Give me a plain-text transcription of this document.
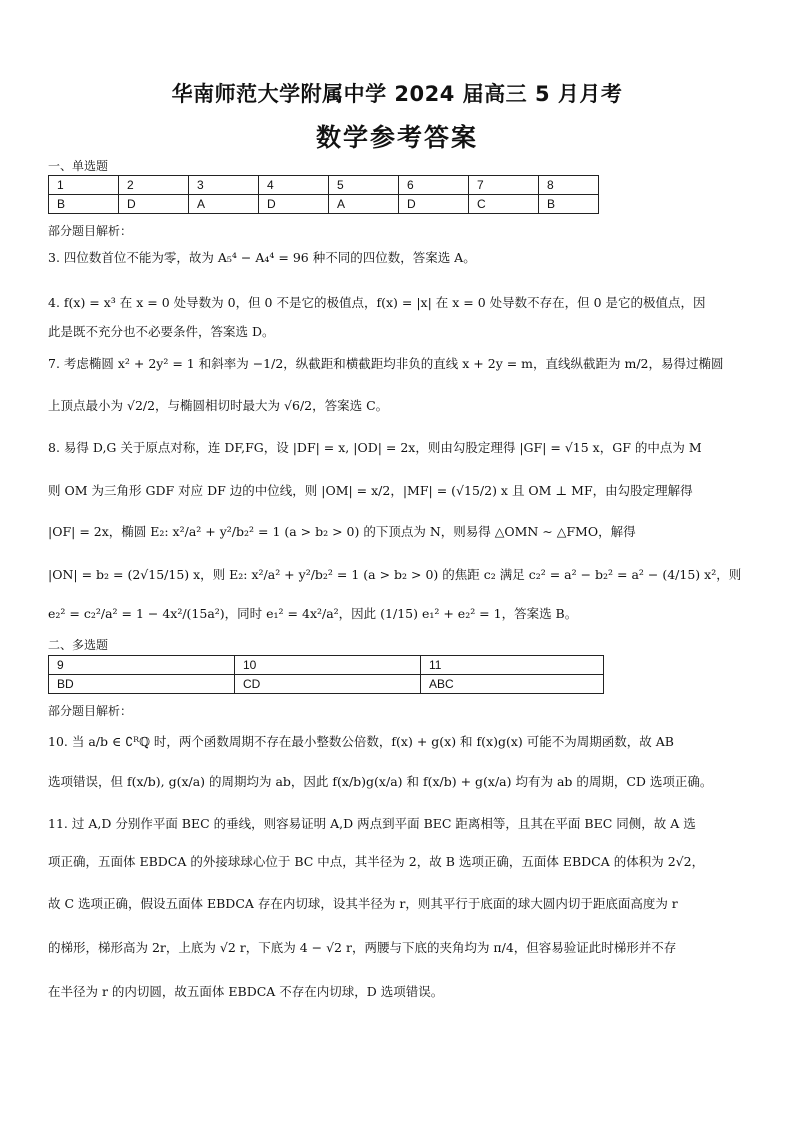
华南师范大学附属中学 2024 届高三 5 月月考
数学参考答案
一、单选题
1	2	3	4	5	6	7	8
B	D	A	D	A	D	C	B
部分题目解析：
3. 四位数首位不能为零，故为 A₅⁴ − A₄⁴ = 96 种不同的四位数，答案选 A。
4. f(x) = x³ 在 x = 0 处导数为 0，但 0 不是它的极值点，f(x) = |x| 在 x = 0 处导数不存在，但 0 是它的极值点，因
此是既不充分也不必要条件，答案选 D。
7. 考虑椭圆 x² + 2y² = 1 和斜率为 −1/2，纵截距和横截距均非负的直线 x + 2y = m，直线纵截距为 m/2，易得过椭圆
上顶点最小为 √2/2，与椭圆相切时最大为 √6/2，答案选 C。
8. 易得 D,G 关于原点对称，连 DF,FG，设 |DF| = x, |OD| = 2x，则由勾股定理得 |GF| = √15 x，GF 的中点为 M
则 OM 为三角形 GDF 对应 DF 边的中位线，则 |OM| = x/2，|MF| = (√15/2) x 且 OM ⊥ MF，由勾股定理解得
|OF| = 2x，椭圆 E₂: x²/a² + y²/b₂² = 1 (a > b₂ > 0) 的下顶点为 N，则易得 △OMN ∼ △FMO，解得
|ON| = b₂ = (2√15/15) x，则 E₂: x²/a² + y²/b₂² = 1 (a > b₂ > 0) 的焦距 c₂ 满足 c₂² = a² − b₂² = a² − (4/15) x²，则
e₂² = c₂²/a² = 1 − 4x²/(15a²)，同时 e₁² = 4x²/a²，因此 (1/15) e₁² + e₂² = 1，答案选 B。
二、多选题
9	10	11
BD	CD	ABC
部分题目解析：
10. 当 a/b ∈ ∁ᴿℚ 时，两个函数周期不存在最小整数公倍数，f(x) + g(x) 和 f(x)g(x) 可能不为周期函数，故 AB
选项错误，但 f(x/b), g(x/a) 的周期均为 ab，因此 f(x/b)g(x/a) 和 f(x/b) + g(x/a) 均有为 ab 的周期，CD 选项正确。
11. 过 A,D 分别作平面 BEC 的垂线，则容易证明 A,D 两点到平面 BEC 距离相等，且其在平面 BEC 同侧，故 A 选
项正确，五面体 EBDCA 的外接球球心位于 BC 中点，其半径为 2，故 B 选项正确，五面体 EBDCA 的体积为 2√2，
故 C 选项正确，假设五面体 EBDCA 存在内切球，设其半径为 r，则其平行于底面的球大圆内切于距底面高度为 r
的梯形，梯形高为 2r，上底为 √2 r，下底为 4 − √2 r，两腰与下底的夹角均为 π/4，但容易验证此时梯形并不存
在半径为 r 的内切圆，故五面体 EBDCA 不存在内切球，D 选项错误。
